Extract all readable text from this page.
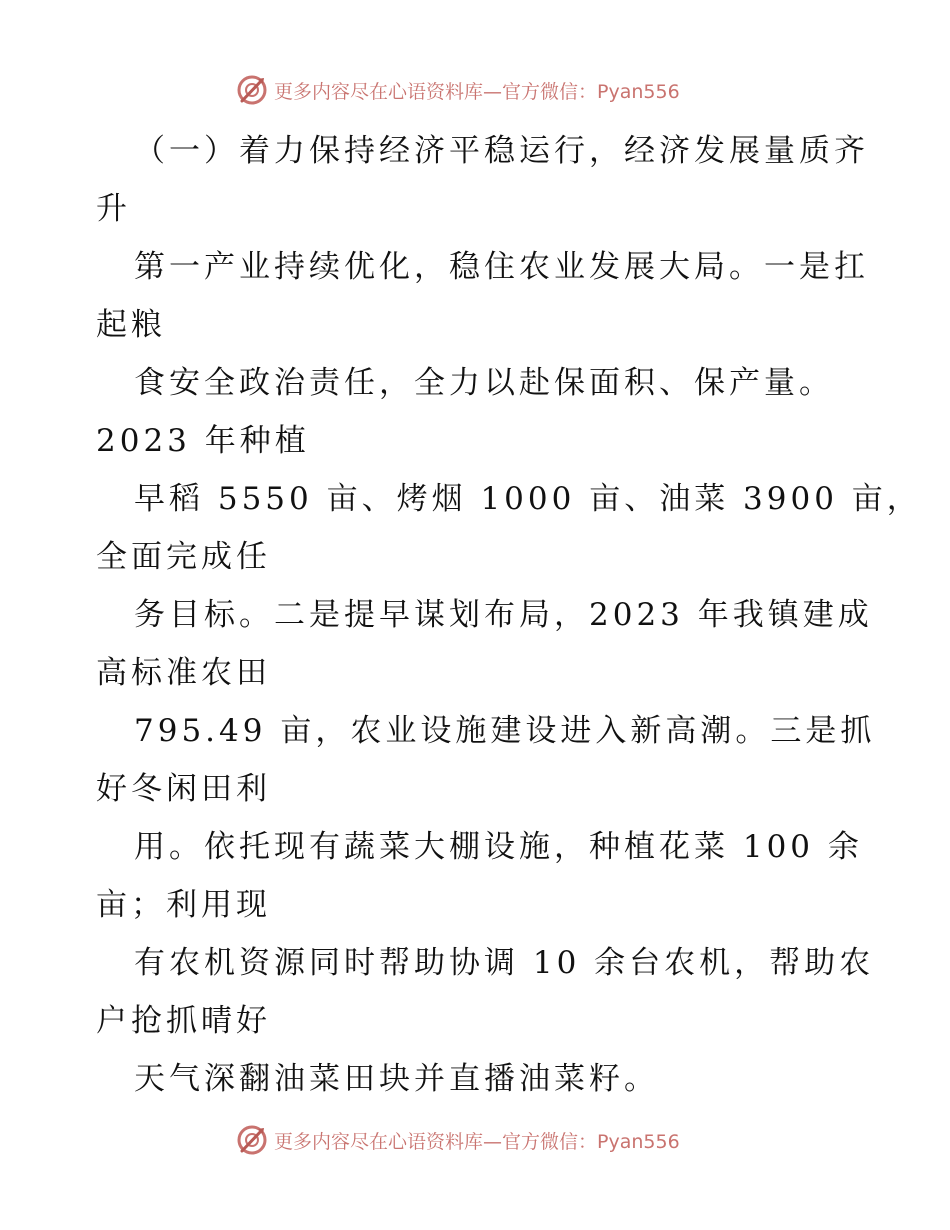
更多内容尽在心语资料库—官方微信：Pyan556
（一）着力保持经济平稳运行，经济发展量质齐
升
第一产业持续优化，稳住农业发展大局。一是扛
起粮
食安全政治责任，全力以赴保面积、保产量。
2023 年种植
早稻 5550 亩、烤烟 1000 亩、油菜 3900 亩，
全面完成任
务目标。二是提早谋划布局，2023 年我镇建成
高标准农田
795.49 亩，农业设施建设进入新高潮。三是抓
好冬闲田利
用。依托现有蔬菜大棚设施，种植花菜 100 余
亩；利用现
有农机资源同时帮助协调 10 余台农机，帮助农
户抢抓晴好
天气深翻油菜田块并直播油菜籽。
更多内容尽在心语资料库—官方微信：Pyan556
